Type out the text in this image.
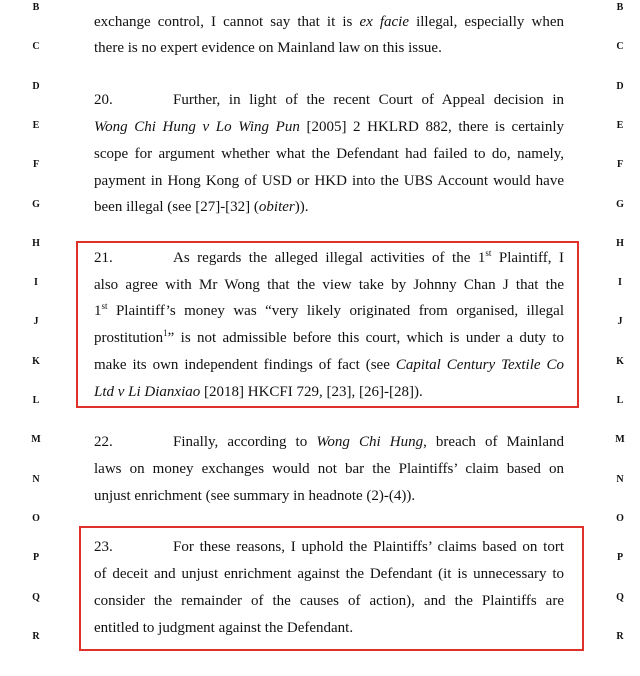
B	B
C	C
D	D
E	E
F	F
G	G
H	H
I	I
J	J
K	K
L	L
M	M
N	N
O	O
P	P
Q	Q
R	R
exchange control, I cannot say that it is ex facie illegal, especially when
there is no expert evidence on Mainland law on this issue.
20.	Further, in light of the recent Court of Appeal decision in
Wong Chi Hung v Lo Wing Pun [2005] 2 HKLRD 882, there is certainly
scope for argument whether what the Defendant had failed to do, namely,
payment in Hong Kong of USD or HKD into the UBS Account would have
been illegal (see [27]-[32] (obiter)).
21.	As regards the alleged illegal activities of the 1st Plaintiff, I
also agree with Mr Wong that the view take by Johnny Chan J that the
1st Plaintiff’s money was “very likely originated from organised, illegal
prostitution$^1$” is not admissible before this court, which is under a duty to
make its own independent findings of fact (see Capital Century Textile Co
Ltd v Li Dianxiao [2018] HKCFI 729, [23], [26]-[28]).
22.	Finally, according to Wong Chi Hung, breach of Mainland
laws on money exchanges would not bar the Plaintiffs’ claim based on
unjust enrichment (see summary in headnote (2)-(4)).
23.	For these reasons, I uphold the Plaintiffs’ claims based on tort
of deceit and unjust enrichment against the Defendant (it is unnecessary to
consider the remainder of the causes of action), and the Plaintiffs are
entitled to judgment against the Defendant.
